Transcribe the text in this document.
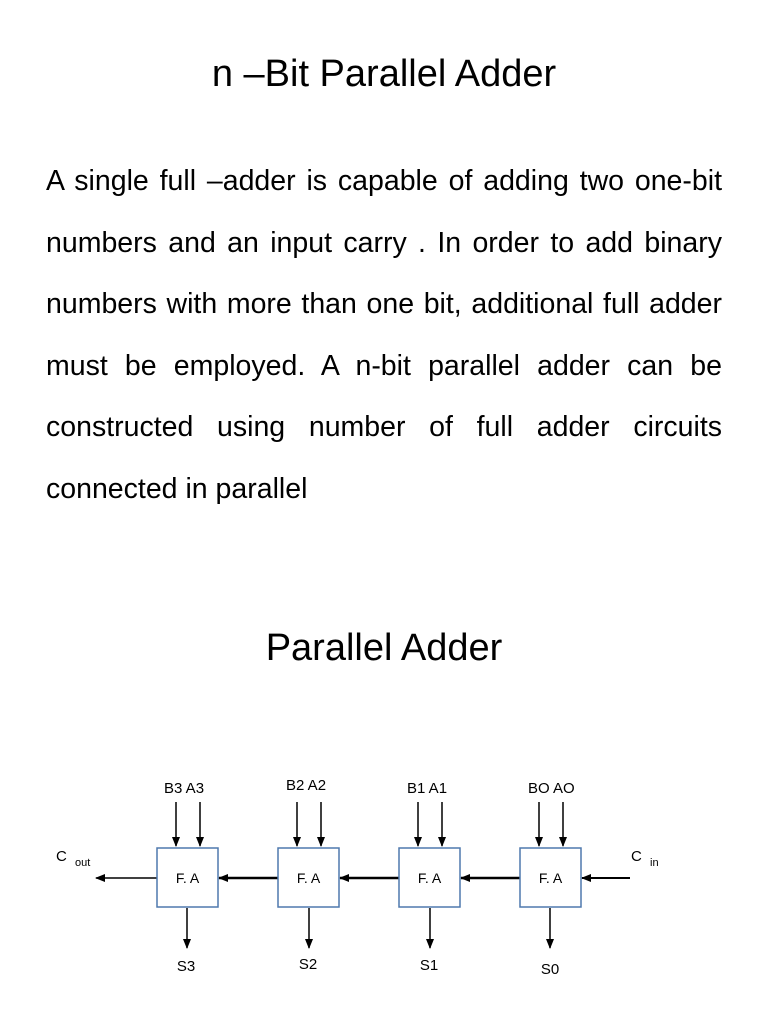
n –Bit Parallel Adder

A single full –adder is capable of adding two one-bit numbers and an input carry . In order to add binary numbers with more than one bit, additional full adder must be employed. A n-bit parallel adder can be constructed using number of full adder circuits connected in parallel

Parallel Adder
C $_{out}$	C $_{in}$
B3 A3
F. A
S3
B2 A2
F. A
S2
B1 A1
F. A
S1
BO AO
F. A
S0
